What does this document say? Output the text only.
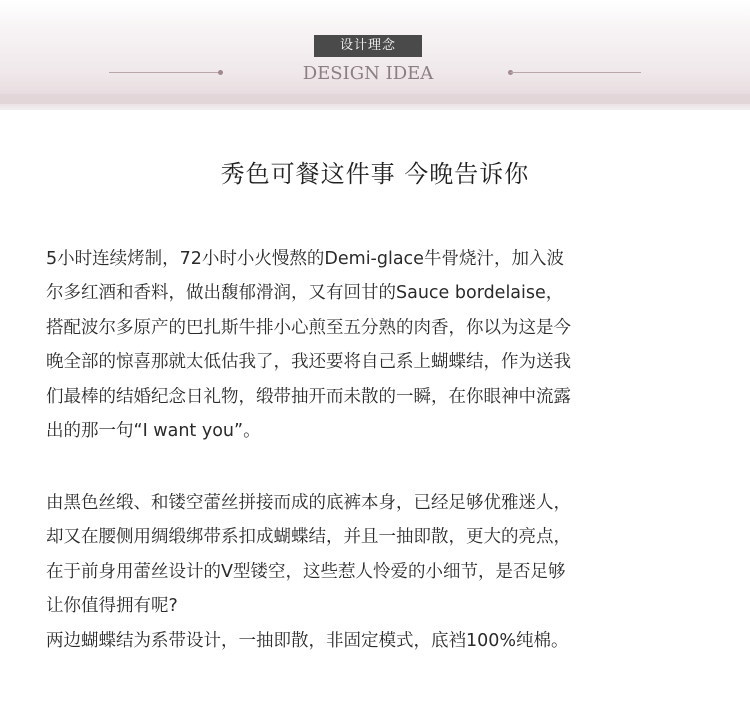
设计理念
DESIGN IDEA
秀色可餐这件事 今晚告诉你

5小时连续烤制，72小时小火慢熬的Demi-glace牛骨烧汁，加入波
尔多红酒和香料，做出馥郁滑润，又有回甘的Sauce bordelaise，
搭配波尔多原产的巴扎斯牛排小心煎至五分熟的肉香，你以为这是今
晚全部的惊喜那就太低估我了，我还要将自己系上蝴蝶结，作为送我
们最棒的结婚纪念日礼物，缎带抽开而未散的一瞬，在你眼神中流露
出的那一句“I want you”。

由黑色丝缎、和镂空蕾丝拼接而成的底裤本身，已经足够优雅迷人，
却又在腰侧用绸缎绑带系扣成蝴蝶结，并且一抽即散，更大的亮点，
在于前身用蕾丝设计的V型镂空，这些惹人怜爱的小细节，是否足够
让你值得拥有呢?
两边蝴蝶结为系带设计，一抽即散，非固定模式，底裆100%纯棉。
